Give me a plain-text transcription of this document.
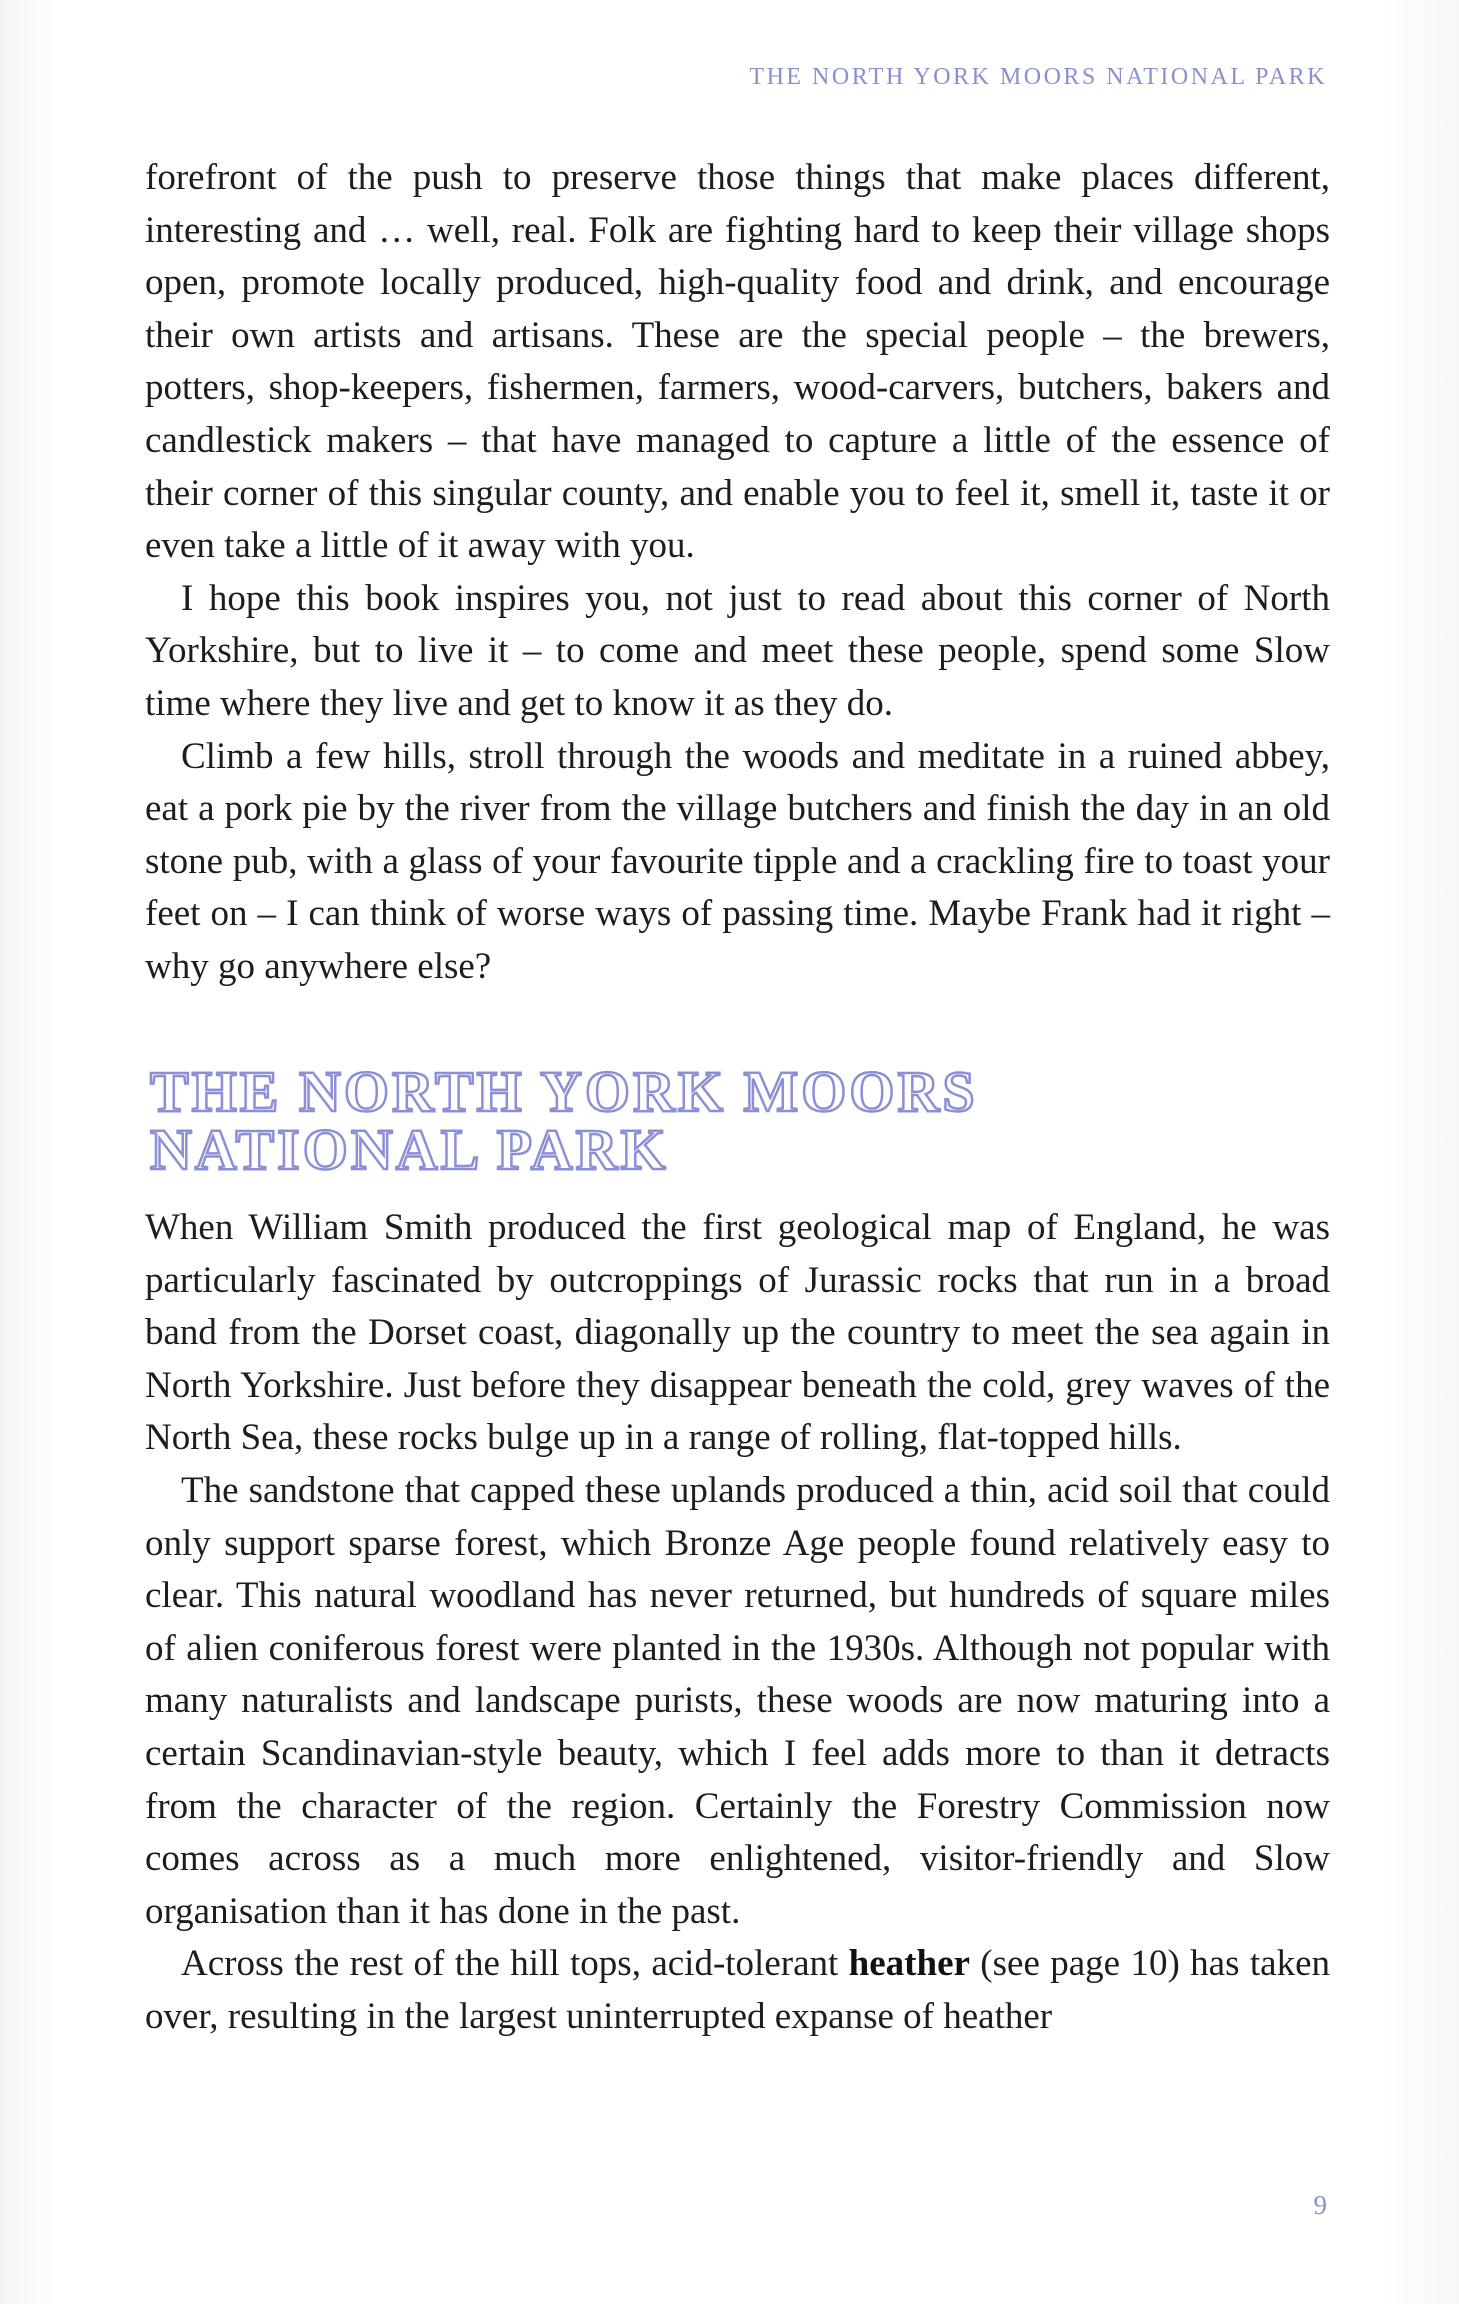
THE NORTH YORK MOORS NATIONAL PARK

forefront of the push to preserve those things that make places different, interesting and … well, real. Folk are fighting hard to keep their village shops open, promote locally produced, high-quality food and drink, and encourage their own artists and artisans. These are the special people – the brewers, potters, shop-keepers, fishermen, farmers, wood-carvers, butchers, bakers and candlestick makers – that have managed to capture a little of the essence of their corner of this singular county, and enable you to feel it, smell it, taste it or even take a little of it away with you.

I hope this book inspires you, not just to read about this corner of North Yorkshire, but to live it – to come and meet these people, spend some Slow time where they live and get to know it as they do.

Climb a few hills, stroll through the woods and meditate in a ruined abbey, eat a pork pie by the river from the village butchers and finish the day in an old stone pub, with a glass of your favourite tipple and a crackling fire to toast your feet on – I can think of worse ways of passing time. Maybe Frank had it right – why go anywhere else?

THE NORTH YORK MOORS
NATIONAL PARK

When William Smith produced the first geological map of England, he was particularly fascinated by outcroppings of Jurassic rocks that run in a broad band from the Dorset coast, diagonally up the country to meet the sea again in North Yorkshire. Just before they disappear beneath the cold, grey waves of the North Sea, these rocks bulge up in a range of rolling, flat-topped hills.

The sandstone that capped these uplands produced a thin, acid soil that could only support sparse forest, which Bronze Age people found relatively easy to clear. This natural woodland has never returned, but hundreds of square miles of alien coniferous forest were planted in the 1930s. Although not popular with many naturalists and landscape purists, these woods are now maturing into a certain Scandinavian-style beauty, which I feel adds more to than it detracts from the character of the region. Certainly the Forestry Commission now comes across as a much more enlightened, visitor-friendly and Slow organisation than it has done in the past.

Across the rest of the hill tops, acid-tolerant heather (see page 10) has taken over, resulting in the largest uninterrupted expanse of heather

9
